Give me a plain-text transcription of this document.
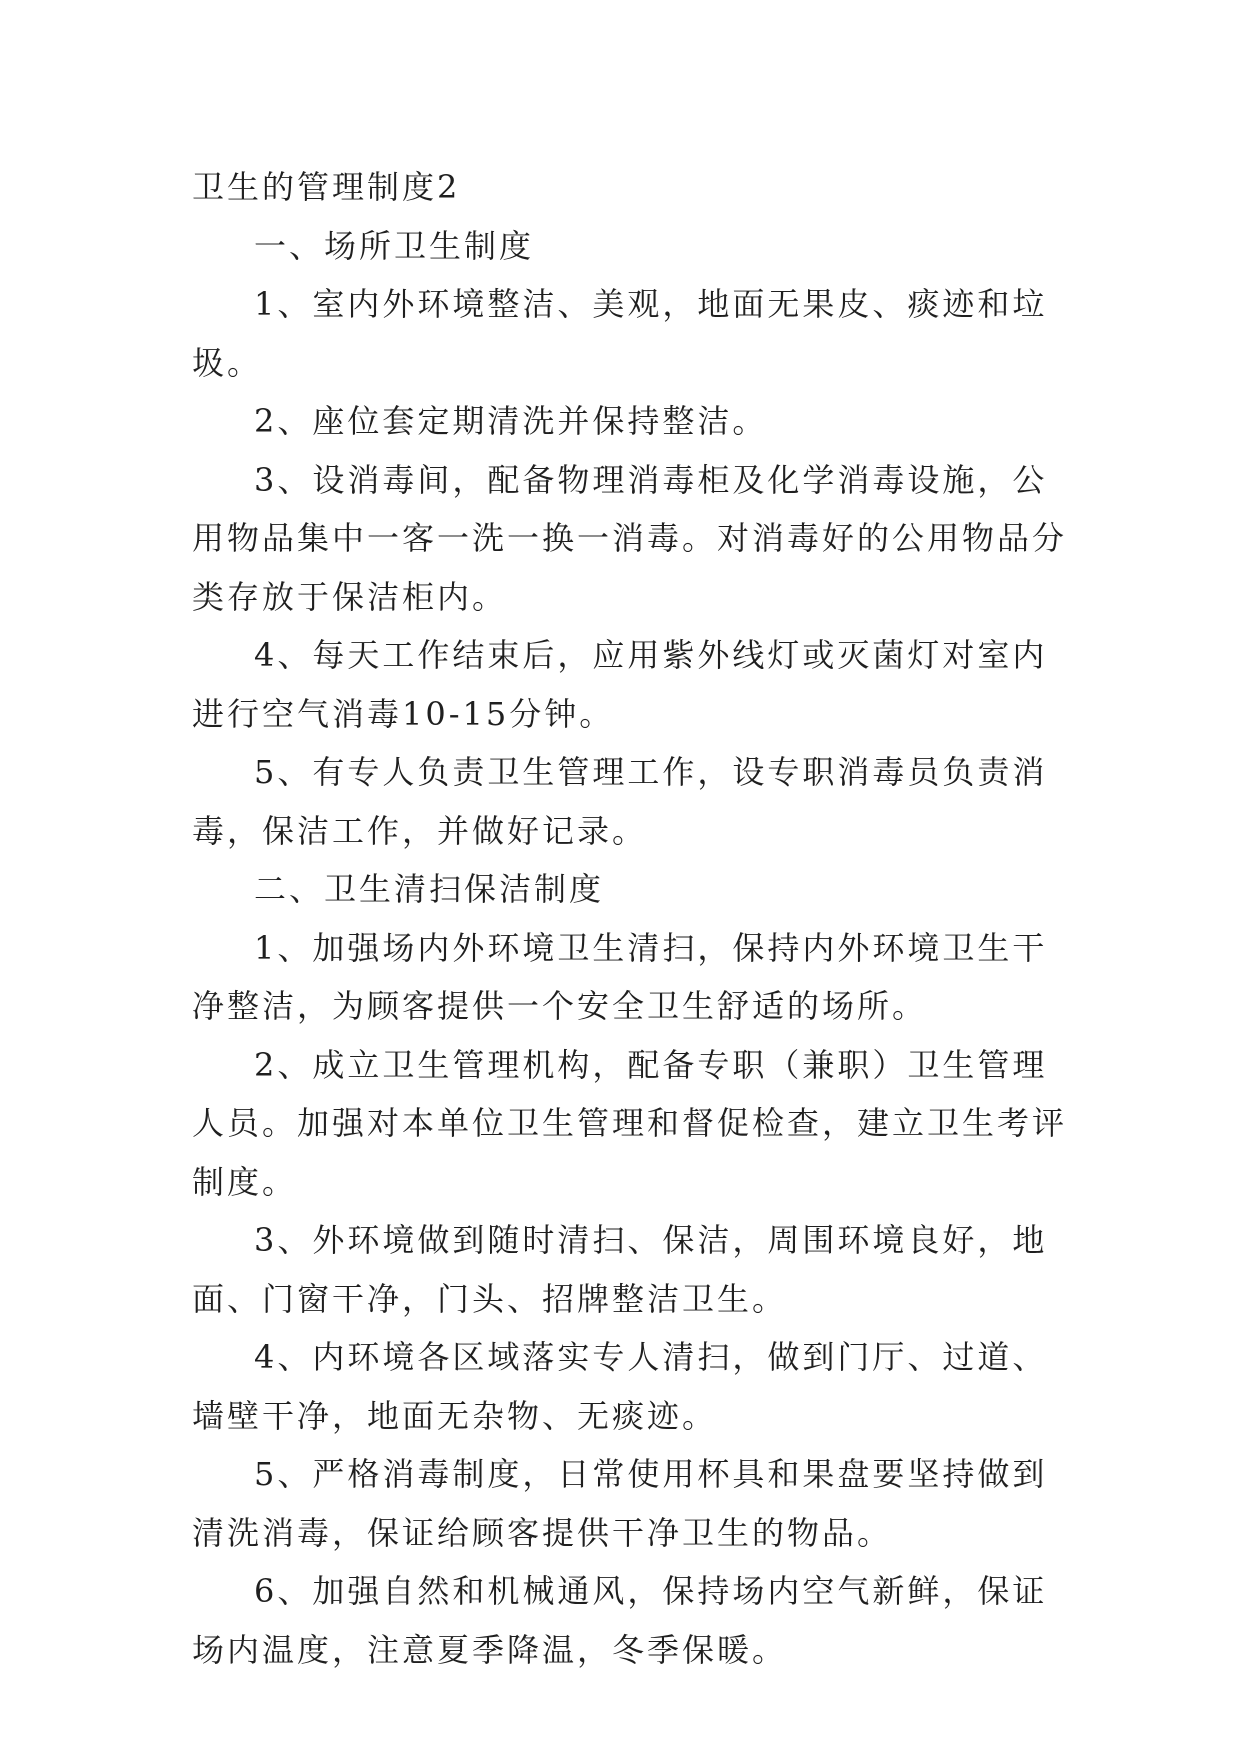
卫生的管理制度2

一、场所卫生制度

1、室内外环境整洁、美观，地面无果皮、痰迹和垃圾。

2、座位套定期清洗并保持整洁。

3、设消毒间，配备物理消毒柜及化学消毒设施，公用物品集中一客一洗一换一消毒。对消毒好的公用物品分类存放于保洁柜内。

4、每天工作结束后，应用紫外线灯或灭菌灯对室内进行空气消毒10-15分钟。

5、有专人负责卫生管理工作，设专职消毒员负责消毒，保洁工作，并做好记录。

二、卫生清扫保洁制度

1、加强场内外环境卫生清扫，保持内外环境卫生干净整洁，为顾客提供一个安全卫生舒适的场所。

2、成立卫生管理机构，配备专职（兼职）卫生管理人员。加强对本单位卫生管理和督促检查，建立卫生考评制度。

3、外环境做到随时清扫、保洁，周围环境良好，地面、门窗干净，门头、招牌整洁卫生。

4、内环境各区域落实专人清扫，做到门厅、过道、墙壁干净，地面无杂物、无痰迹。

5、严格消毒制度，日常使用杯具和果盘要坚持做到清洗消毒，保证给顾客提供干净卫生的物品。

6、加强自然和机械通风，保持场内空气新鲜，保证场内温度，注意夏季降温，冬季保暖。
